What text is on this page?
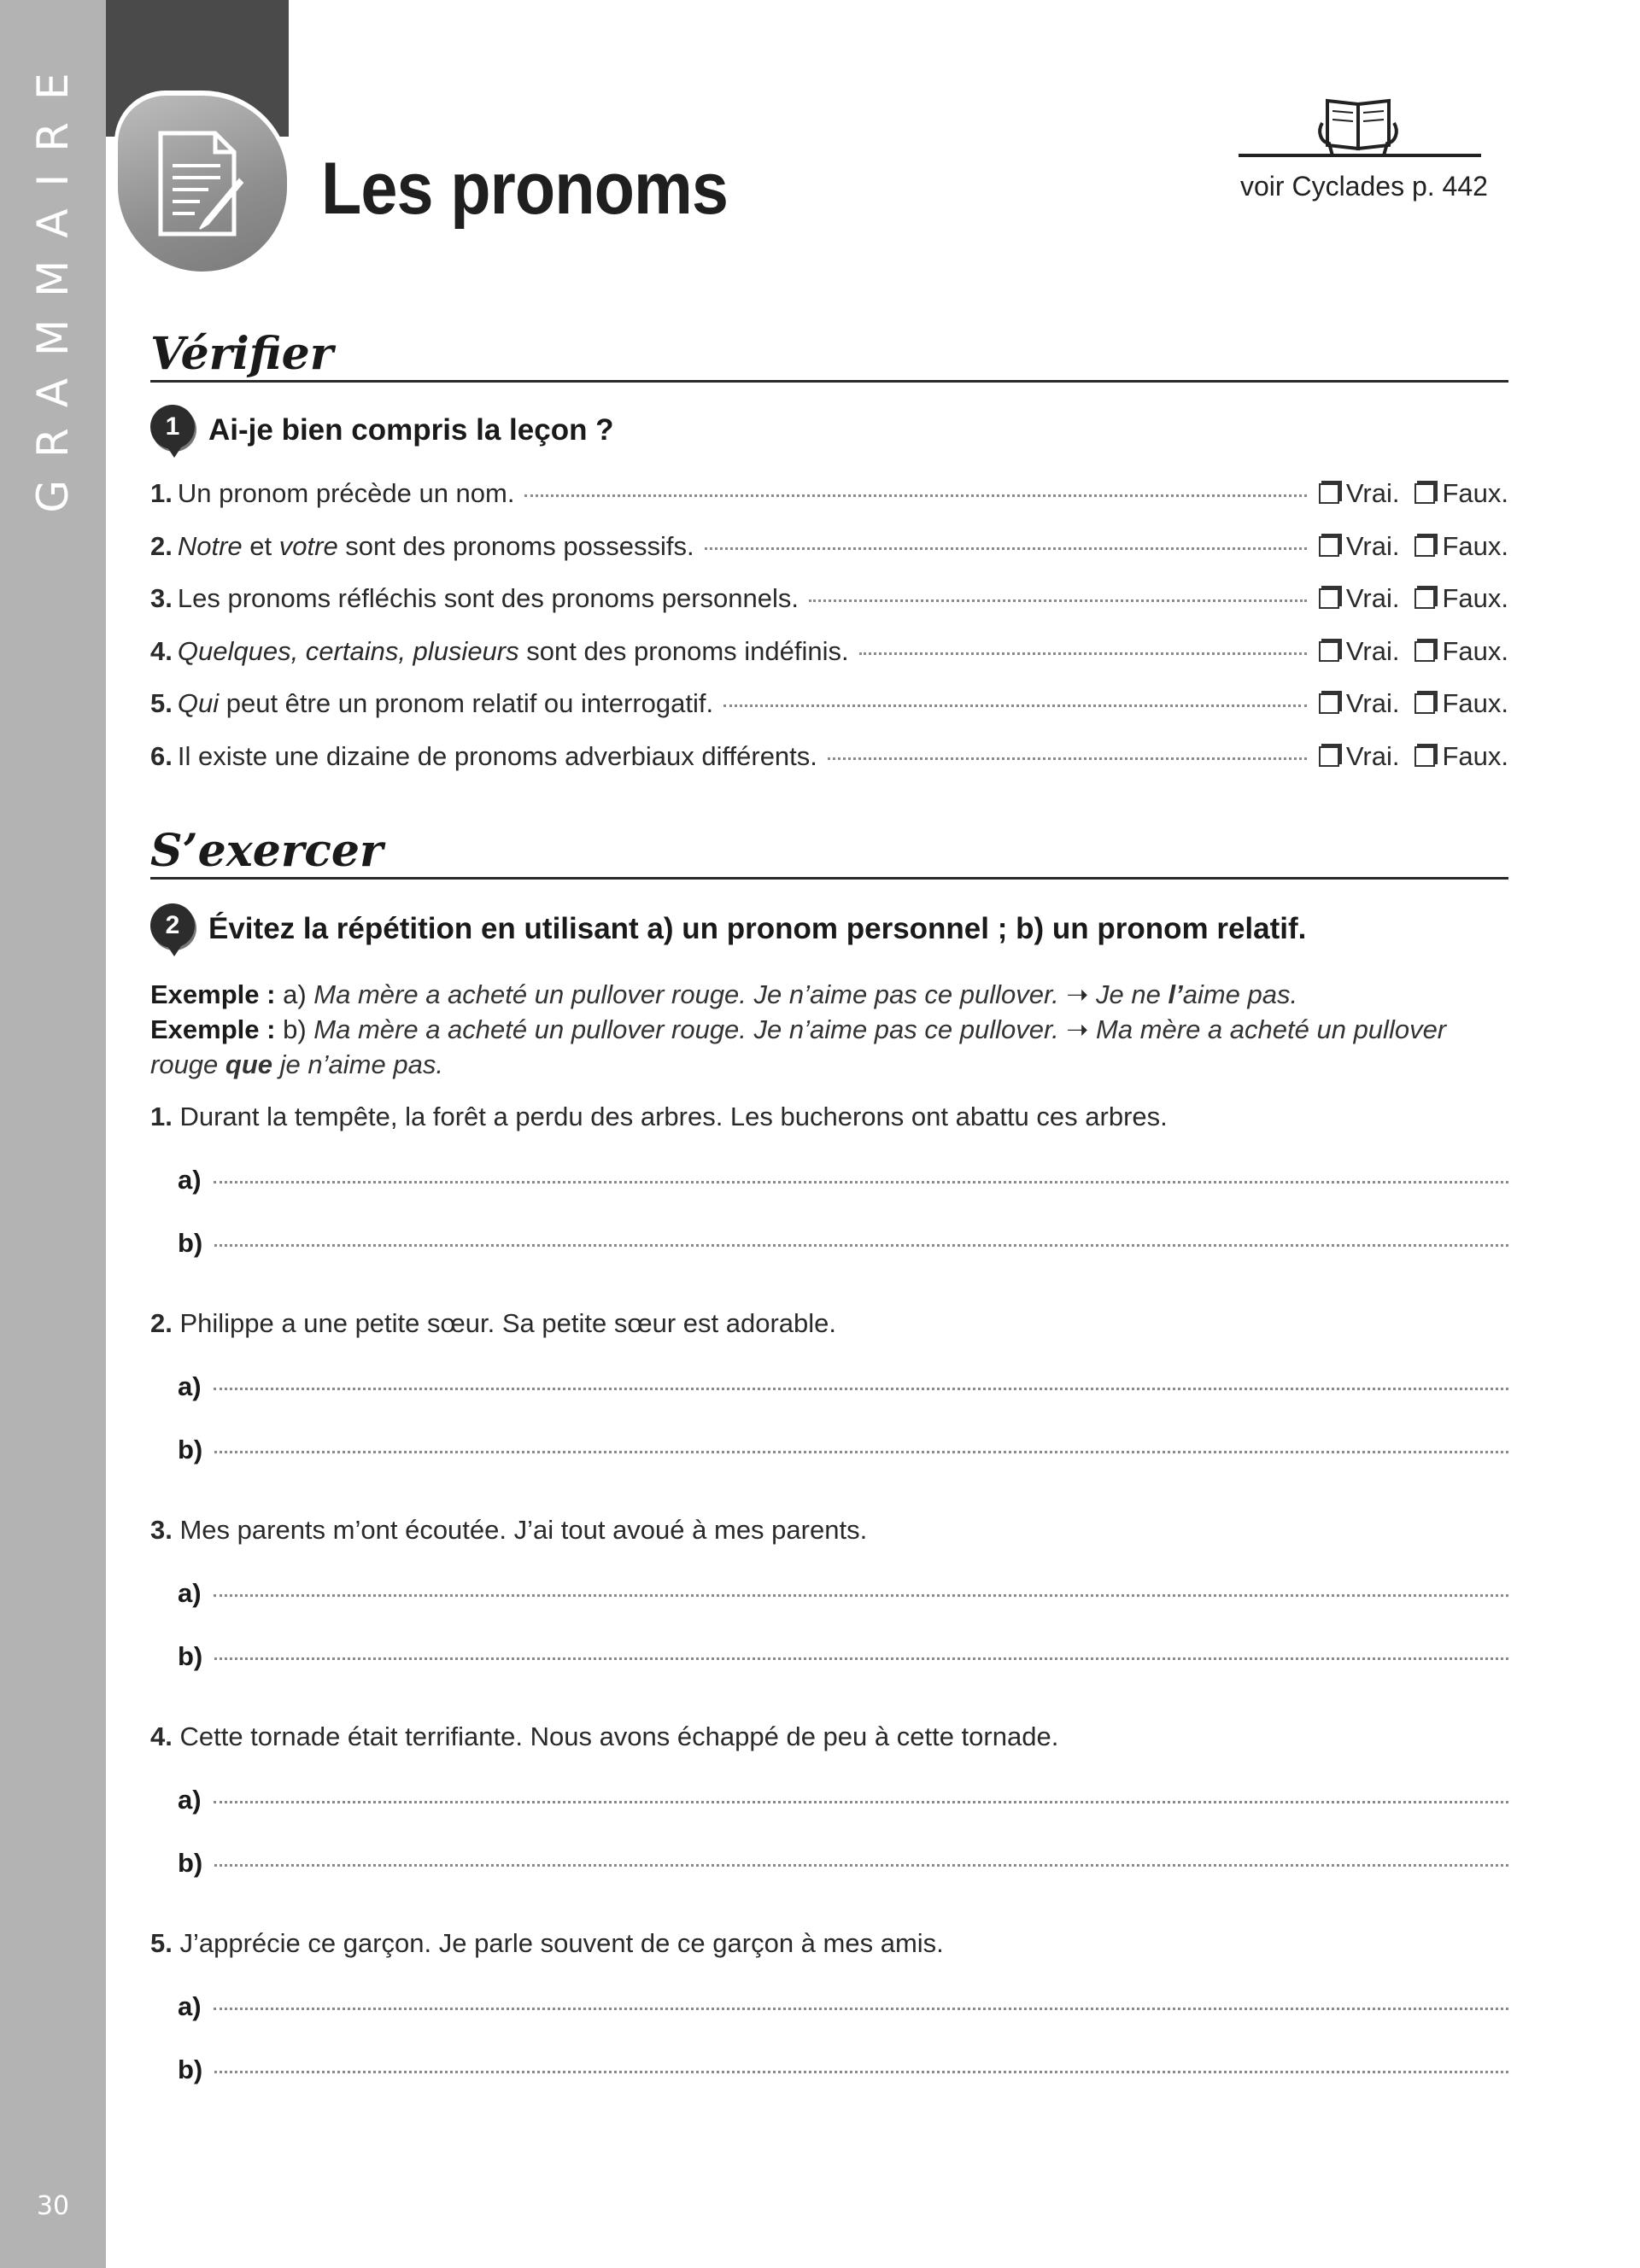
GRAMMAIRE
30
Les pronoms	voir Cyclades p. 442
Vérifier
1 Ai-je bien compris la leçon ?
1. Un pronom précède un nom.	Vrai. Faux.
2. Notre et votre sont des pronoms possessifs.	Vrai. Faux.
3. Les pronoms réfléchis sont des pronoms personnels.	Vrai. Faux.
4. Quelques, certains, plusieurs sont des pronoms indéfinis.	Vrai. Faux.
5. Qui peut être un pronom relatif ou interrogatif.	Vrai. Faux.
6. Il existe une dizaine de pronoms adverbiaux différents.	Vrai. Faux.
S’exercer
2 Évitez la répétition en utilisant a) un pronom personnel ; b) un pronom relatif.
Exemple : a) Ma mère a acheté un pullover rouge. Je n’aime pas ce pullover. ➝ Je ne l’aime pas.
Exemple : b) Ma mère a acheté un pullover rouge. Je n’aime pas ce pullover. ➝ Ma mère a acheté un pullover rouge que je n’aime pas.
1. Durant la tempête, la forêt a perdu des arbres. Les bucherons ont abattu ces arbres.
a)
b)
2. Philippe a une petite sœur. Sa petite sœur est adorable.
a)
b)
3. Mes parents m’ont écoutée. J’ai tout avoué à mes parents.
a)
b)
4. Cette tornade était terrifiante. Nous avons échappé de peu à cette tornade.
a)
b)
5. J’apprécie ce garçon. Je parle souvent de ce garçon à mes amis.
a)
b)
